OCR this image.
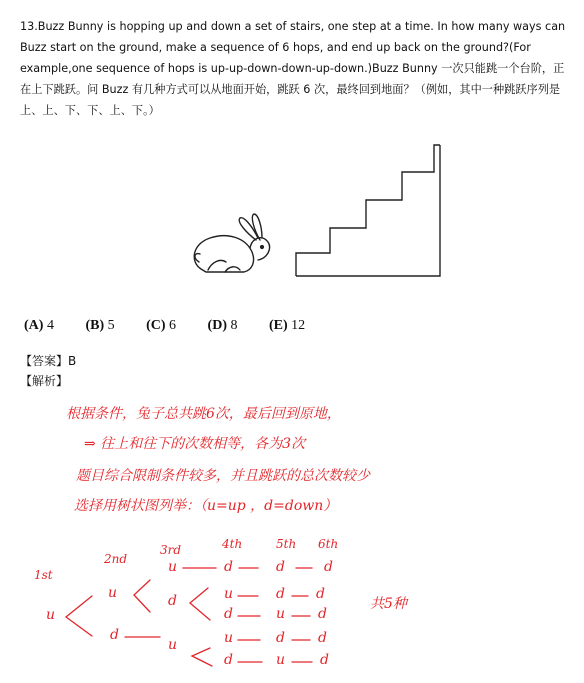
13.Buzz Bunny is hopping up and down a set of stairs, one step at a time. In how many ways can Buzz start on the ground, make a sequence of 6 hops, and end up back on the ground?(For example,one sequence of hops is up-up-down-down-up-down.)Buzz Bunny 一次只能跳一个台阶，正在上下跳跃。问 Buzz 有几种方式可以从地面开始，跳跃 6 次，最终回到地面？（例如，其中一种跳跃序列是上、上、下、下、上、下。）

(A) 4 (B) 5 (C) 6 (D) 8 (E) 12
【答案】B
【解析】
根据条件，兔子总共跳6次，最后回到原地，
⇒ 往上和往下的次数相等，各为3次
题目综合限制条件较多，并且跳跃的总次数较少
选择用树状图列举：（u=up ，d=down）
1st
2nd
3rd	4th	5th 6th
u
u
d
u
d
u
d	d	d
u	d d
d	u d
u	d d
d	u d
共5种
